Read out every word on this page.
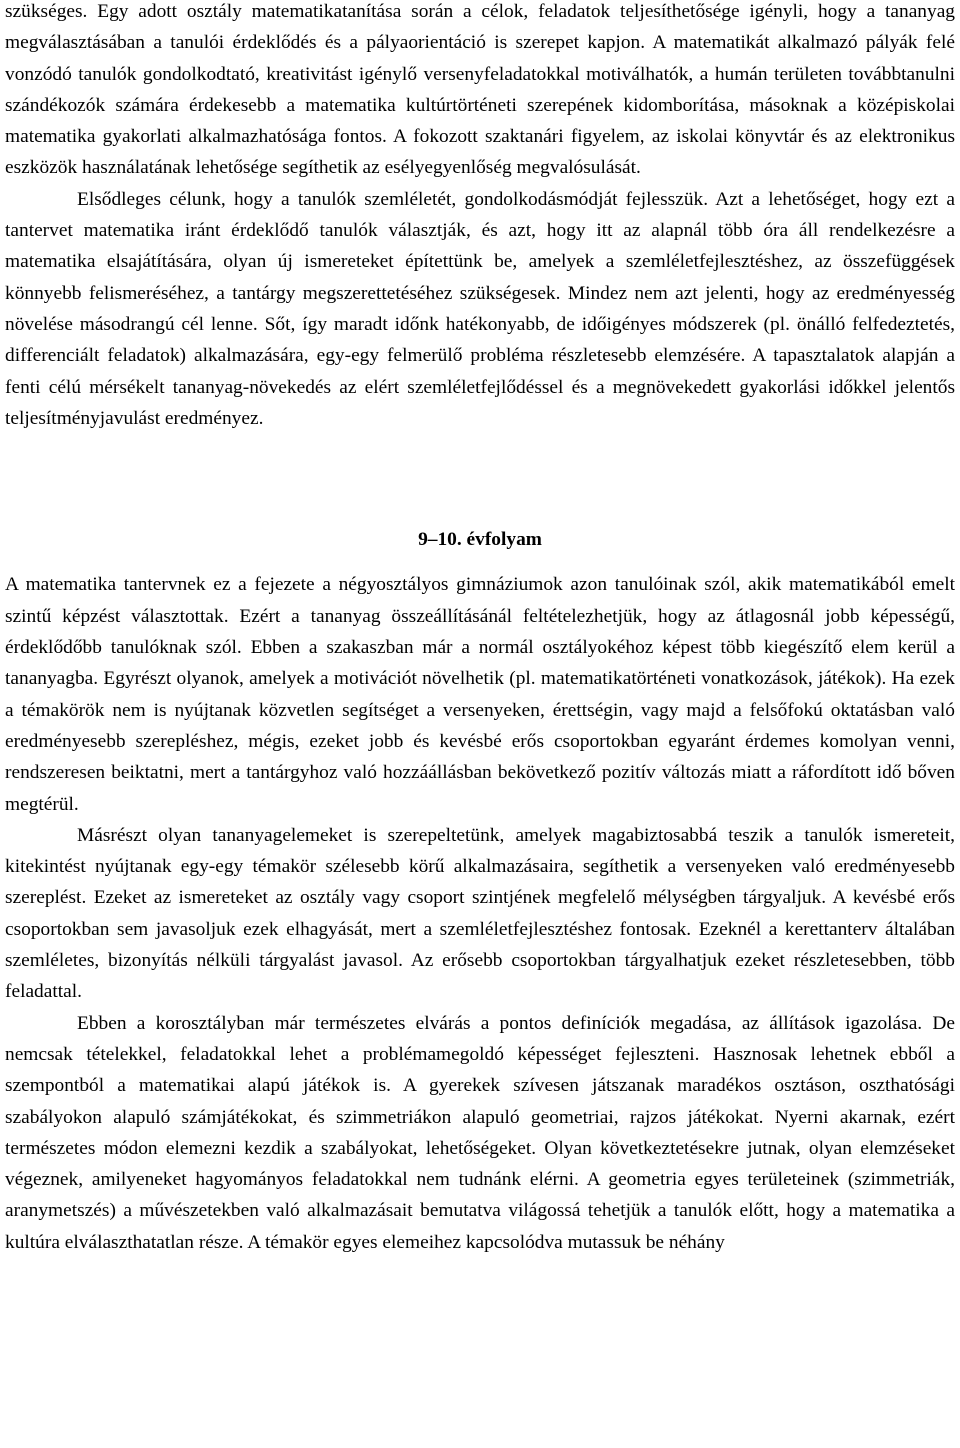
szükséges. Egy adott osztály matematikatanítása során a célok, feladatok teljesíthetősége igényli, hogy a tananyag megválasztásában a tanulói érdeklődés és a pályaorientáció is szerepet kapjon. A matematikát alkalmazó pályák felé vonzódó tanulók gondolkodtató, kreativitást igénylő versenyfeladatokkal motiválhatók, a humán területen továbbtanulni szándékozók számára érdekesebb a matematika kultúrtörténeti szerepének kidomborítása, másoknak a középiskolai matematika gyakorlati alkalmazhatósága fontos. A fokozott szaktanári figyelem, az iskolai könyvtár és az elektronikus eszközök használatának lehetősége segíthetik az esélyegyenlőség megvalósulását.

Elsődleges célunk, hogy a tanulók szemléletét, gondolkodásmódját fejlesszük. Azt a lehetőséget, hogy ezt a tantervet matematika iránt érdeklődő tanulók választják, és azt, hogy itt az alapnál több óra áll rendelkezésre a matematika elsajátítására, olyan új ismereteket építettünk be, amelyek a szemléletfejlesztéshez, az összefüggések könnyebb felismeréséhez, a tantárgy megszerettetéséhez szükségesek. Mindez nem azt jelenti, hogy az eredményesség növelése másodrangú cél lenne. Sőt, így maradt időnk hatékonyabb, de időigényes módszerek (pl. önálló felfedeztetés, differenciált feladatok) alkalmazására, egy-egy felmerülő probléma részletesebb elemzésére. A tapasztalatok alapján a fenti célú mérsékelt tananyag-növekedés az elért szemléletfejlődéssel és a megnövekedett gyakorlási időkkel jelentős teljesítményjavulást eredményez.

9–10. évfolyam

A matematika tantervnek ez a fejezete a négyosztályos gimnáziumok azon tanulóinak szól, akik matematikából emelt szintű képzést választottak. Ezért a tananyag összeállításánál feltételezhetjük, hogy az átlagosnál jobb képességű, érdeklődőbb tanulóknak szól. Ebben a szakaszban már a normál osztályokéhoz képest több kiegészítő elem kerül a tananyagba. Egyrészt olyanok, amelyek a motivációt növelhetik (pl. matematikatörténeti vonatkozások, játékok). Ha ezek a témakörök nem is nyújtanak közvetlen segítséget a versenyeken, érettségin, vagy majd a felsőfokú oktatásban való eredményesebb szerepléshez, mégis, ezeket jobb és kevésbé erős csoportokban egyaránt érdemes komolyan venni, rendszeresen beiktatni, mert a tantárgyhoz való hozzáállásban bekövetkező pozitív változás miatt a ráfordított idő bőven megtérül.

Másrészt olyan tananyagelemeket is szerepeltetünk, amelyek magabiztosabbá teszik a tanulók ismereteit, kitekintést nyújtanak egy-egy témakör szélesebb körű alkalmazásaira, segíthetik a versenyeken való eredményesebb szereplést. Ezeket az ismereteket az osztály vagy csoport szintjének megfelelő mélységben tárgyaljuk. A kevésbé erős csoportokban sem javasoljuk ezek elhagyását, mert a szemléletfejlesztéshez fontosak. Ezeknél a kerettanterv általában szemléletes, bizonyítás nélküli tárgyalást javasol. Az erősebb csoportokban tárgyalhatjuk ezeket részletesebben, több feladattal.

Ebben a korosztályban már természetes elvárás a pontos definíciók megadása, az állítások igazolása. De nemcsak tételekkel, feladatokkal lehet a problémamegoldó képességet fejleszteni. Hasznosak lehetnek ebből a szempontból a matematikai alapú játékok is. A gyerekek szívesen játszanak maradékos osztáson, oszthatósági szabályokon alapuló számjátékokat, és szimmetriákon alapuló geometriai, rajzos játékokat. Nyerni akarnak, ezért természetes módon elemezni kezdik a szabályokat, lehetőségeket. Olyan következtetésekre jutnak, olyan elemzéseket végeznek, amilyeneket hagyományos feladatokkal nem tudnánk elérni. A geometria egyes területeinek (szimmetriák, aranymetszés) a művészetekben való alkalmazásait bemutatva világossá tehetjük a tanulók előtt, hogy a matematika a kultúra elválaszthatatlan része. A témakör egyes elemeihez kapcsolódva mutassuk be néhány
